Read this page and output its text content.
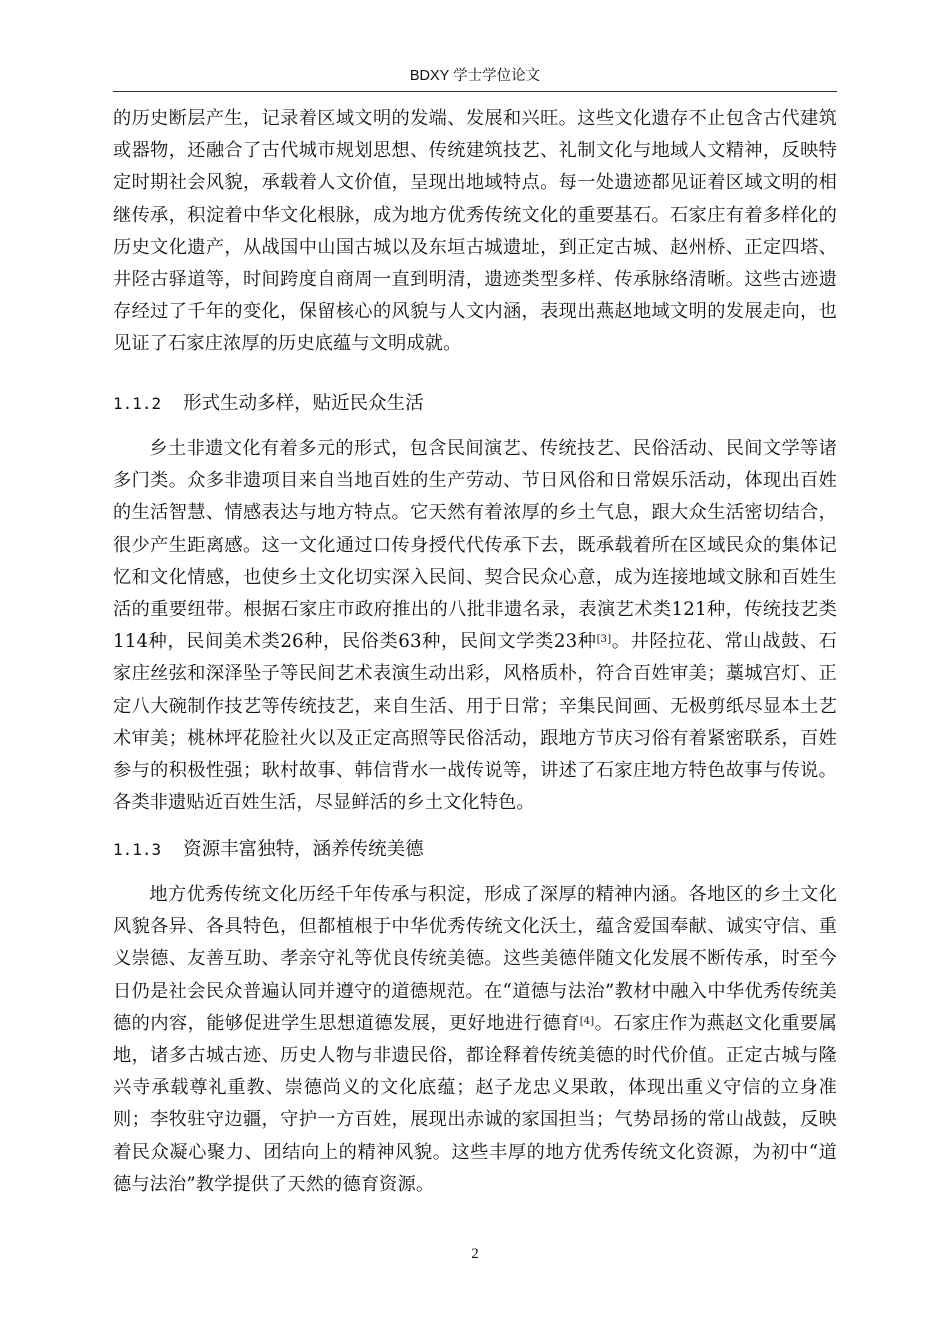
BDXY 学士学位论文

的历史断层产生，记录着区域文明的发端、发展和兴旺。这些文化遗存不止包含古代建筑或器物，还融合了古代城市规划思想、传统建筑技艺、礼制文化与地域人文精神，反映特定时期社会风貌，承载着人文价值，呈现出地域特点。每一处遗迹都见证着区域文明的相继传承，积淀着中华文化根脉，成为地方优秀传统文化的重要基石。石家庄有着多样化的历史文化遗产，从战国中山国古城以及东垣古城遗址，到正定古城、赵州桥、正定四塔、井陉古驿道等，时间跨度自商周一直到明清，遗迹类型多样、传承脉络清晰。这些古迹遗存经过了千年的变化，保留核心的风貌与人文内涵，表现出燕赵地域文明的发展走向，也见证了石家庄浓厚的历史底蕴与文明成就。

1.1.2 形式生动多样，贴近民众生活

乡土非遗文化有着多元的形式，包含民间演艺、传统技艺、民俗活动、民间文学等诸多门类。众多非遗项目来自当地百姓的生产劳动、节日风俗和日常娱乐活动，体现出百姓的生活智慧、情感表达与地方特点。它天然有着浓厚的乡土气息，跟大众生活密切结合，很少产生距离感。这一文化通过口传身授代代传承下去，既承载着所在区域民众的集体记忆和文化情感，也使乡土文化切实深入民间、契合民众心意，成为连接地域文脉和百姓生活的重要纽带。根据石家庄市政府推出的八批非遗名录，表演艺术类121种，传统技艺类114种，民间美术类26种，民俗类63种，民间文学类23种[3]。井陉拉花、常山战鼓、石家庄丝弦和深泽坠子等民间艺术表演生动出彩，风格质朴，符合百姓审美；藁城宫灯、正定八大碗制作技艺等传统技艺，来自生活、用于日常；辛集民间画、无极剪纸尽显本土艺术审美；桃林坪花脸社火以及正定高照等民俗活动，跟地方节庆习俗有着紧密联系，百姓参与的积极性强；耿村故事、韩信背水一战传说等，讲述了石家庄地方特色故事与传说。各类非遗贴近百姓生活，尽显鲜活的乡土文化特色。

1.1.3 资源丰富独特，涵养传统美德

地方优秀传统文化历经千年传承与积淀，形成了深厚的精神内涵。各地区的乡土文化风貌各异、各具特色，但都植根于中华优秀传统文化沃土，蕴含爱国奉献、诚实守信、重义崇德、友善互助、孝亲守礼等优良传统美德。这些美德伴随文化发展不断传承，时至今日仍是社会民众普遍认同并遵守的道德规范。在“道德与法治”教材中融入中华优秀传统美德的内容，能够促进学生思想道德发展，更好地进行德育[4]。石家庄作为燕赵文化重要属地，诸多古城古迹、历史人物与非遗民俗，都诠释着传统美德的时代价值。正定古城与隆兴寺承载尊礼重教、崇德尚义的文化底蕴；赵子龙忠义果敢，体现出重义守信的立身准则；李牧驻守边疆，守护一方百姓，展现出赤诚的家国担当；气势昂扬的常山战鼓，反映着民众凝心聚力、团结向上的精神风貌。这些丰厚的地方优秀传统文化资源，为初中“道德与法治”教学提供了天然的德育资源。

2
